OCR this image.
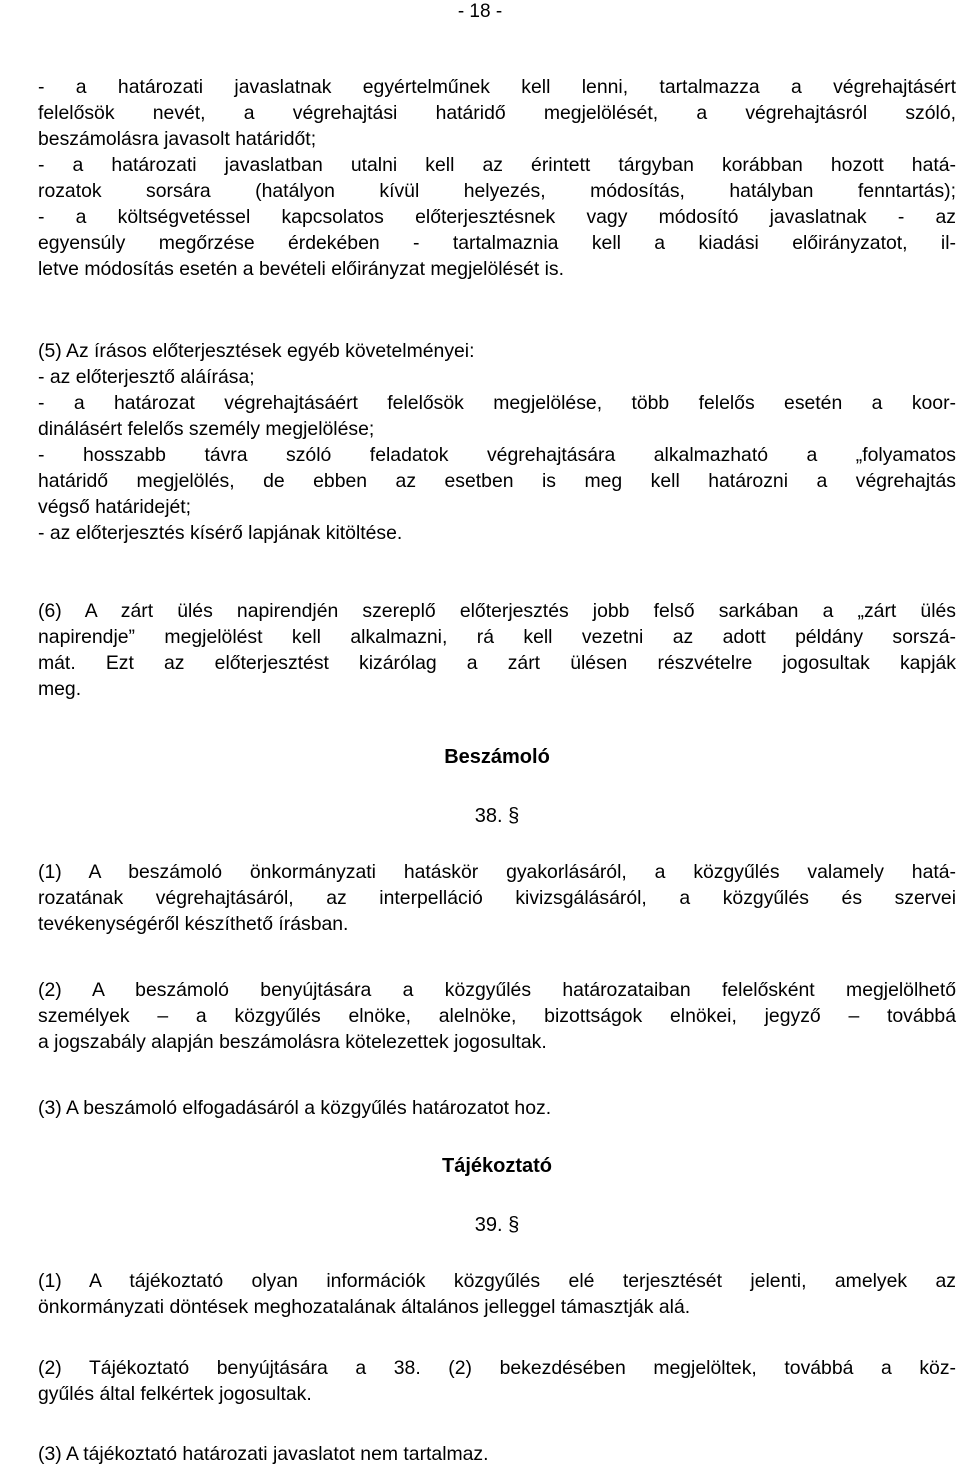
- 18 -
- a határozati javaslatnak egyértelműnek kell lenni, tartalmazza a végrehajtásért
felelősök nevét, a végrehajtási határidő megjelölését, a végrehajtásról szóló,
beszámolásra javasolt határidőt;
- a határozati javaslatban utalni kell az érintett tárgyban korábban hozott hatá-
rozatok sorsára (hatályon kívül helyezés, módosítás, hatályban fenntartás);
- a költségvetéssel kapcsolatos előterjesztésnek vagy módosító javaslatnak - az
egyensúly megőrzése érdekében - tartalmaznia kell a kiadási előirányzatot, il-
letve módosítás esetén a bevételi előirányzat megjelölését is.
(5) Az írásos előterjesztések egyéb követelményei:
- az előterjesztő aláírása;
- a határozat végrehajtásáért felelősök megjelölése, több felelős esetén a koor-
dinálásért felelős személy megjelölése;
- hosszabb távra szóló feladatok végrehajtására alkalmazható a „folyamatos
határidő megjelölés, de ebben az esetben is meg kell határozni a végrehajtás
végső határidejét;
- az előterjesztés kísérő lapjának kitöltése.
(6) A zárt ülés napirendjén szereplő előterjesztés jobb felső sarkában a „zárt ülés
napirendje” megjelölést kell alkalmazni, rá kell vezetni az adott példány sorszá-
mát. Ezt az előterjesztést kizárólag a zárt ülésen részvételre jogosultak kapják
meg.
Beszámoló
38. §
(1) A beszámoló önkormányzati hatáskör gyakorlásáról, a közgyűlés valamely hatá-
rozatának végrehajtásáról, az interpelláció kivizsgálásáról, a közgyűlés és szervei
tevékenységéről készíthető írásban.
(2) A beszámoló benyújtására a közgyűlés határozataiban felelősként megjelölhető
személyek – a közgyűlés elnöke, alelnöke, bizottságok elnökei, jegyző – továbbá
a jogszabály alapján beszámolásra kötelezettek jogosultak.
(3) A beszámoló elfogadásáról a közgyűlés határozatot hoz.
Tájékoztató
39. §
(1) A tájékoztató olyan információk közgyűlés elé terjesztését jelenti, amelyek az
önkormányzati döntések meghozatalának általános jelleggel támasztják alá.
(2) Tájékoztató benyújtására a 38. (2) bekezdésében megjelöltek, továbbá a köz-
gyűlés által felkértek jogosultak.
(3) A tájékoztató határozati javaslatot nem tartalmaz.
